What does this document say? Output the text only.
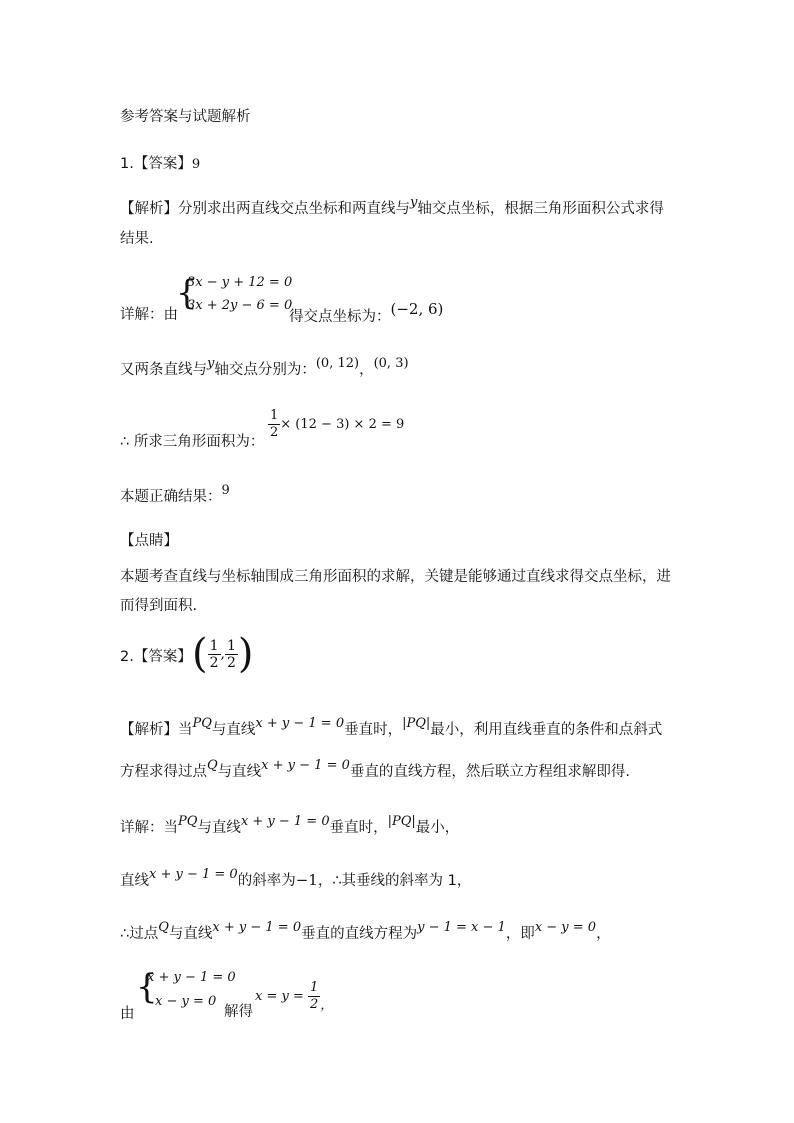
参考答案与试题解析
1.【答案】9
【解析】分别求出两直线交点坐标和两直线与y轴交点坐标，根据三角形面积公式求得
结果.
详解：由
{
3x − y + 12 = 0
3x + 2y − 6 = 0
得交点坐标为：(−2, 6)
又两条直线与y轴交点分别为：(0, 12)，(0, 3)
∴ 所求三角形面积为：
$\frac{1}{2} \times (12 - 3) \times 2 = 9$
本题正确结果：9
【点睛】
本题考查直线与坐标轴围成三角形面积的求解，关键是能够通过直线求得交点坐标，进
而得到面积.
2.【答案】 ( $\frac{1}{2}$ , $\frac{1}{2}$ )
【解析】当PQ与直线x + y − 1 = 0垂直时，|PQ|最小，利用直线垂直的条件和点斜式
方程求得过点Q与直线x + y − 1 = 0垂直的直线方程，然后联立方程组求解即得.
详解：当PQ与直线x + y − 1 = 0垂直时，|PQ|最小，
直线x + y − 1 = 0的斜率为−1，∴其垂线的斜率为 1，
∴过点Q与直线x + y − 1 = 0垂直的直线方程为y − 1 = x − 1，即x − y = 0，
由
{
x + y − 1 = 0
x − y = 0
解得
$x = y = \frac{1}{2}$ ，
